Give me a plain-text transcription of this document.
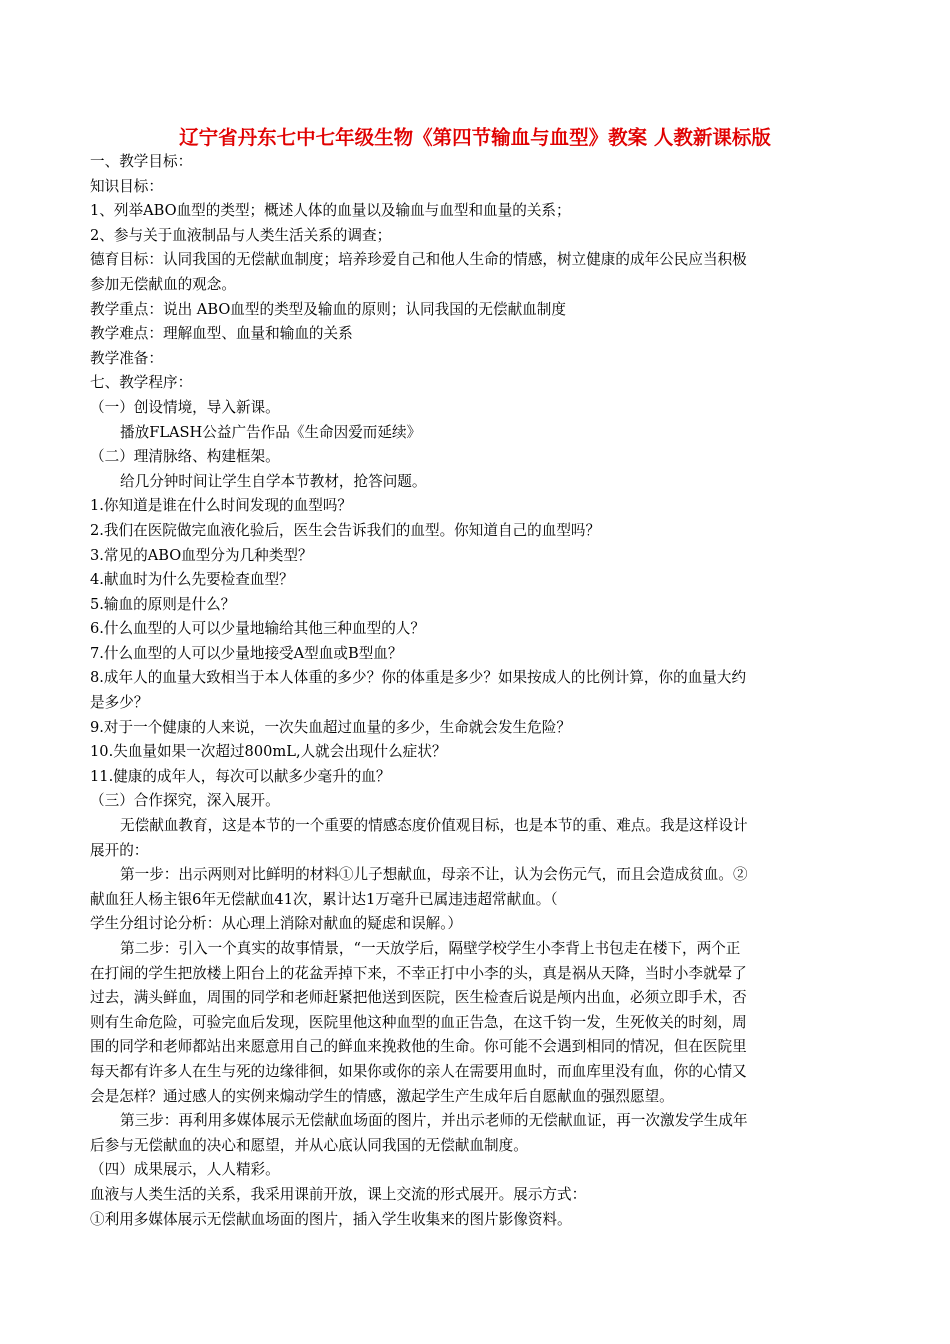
辽宁省丹东七中七年级生物《第四节输血与血型》教案 人教新课标版

一、教学目标：

知识目标：

1、列举ABO血型的类型；概述人体的血量以及输血与血型和血量的关系；

2、参与关于血液制品与人类生活关系的调查；

德育目标：认同我国的无偿献血制度；培养珍爱自己和他人生命的情感，树立健康的成年公民应当积极

参加无偿献血的观念。

教学重点：说出 ABO血型的类型及输血的原则；认同我国的无偿献血制度

教学难点：理解血型、血量和输血的关系

教学准备：

七、教学程序：

（一）创设情境，导入新课。

播放FLASH公益广告作品《生命因爱而延续》

（二）理清脉络、构建框架。

给几分钟时间让学生自学本节教材，抢答问题。

1.你知道是谁在什么时间发现的血型吗？

2.我们在医院做完血液化验后，医生会告诉我们的血型。你知道自己的血型吗？

3.常见的ABO血型分为几种类型？

4.献血时为什么先要检查血型？

5.输血的原则是什么？

6.什么血型的人可以少量地输给其他三种血型的人？

7.什么血型的人可以少量地接受A型血或B型血？

8.成年人的血量大致相当于本人体重的多少？你的体重是多少？如果按成人的比例计算，你的血量大约

是多少？

9.对于一个健康的人来说，一次失血超过血量的多少，生命就会发生危险？

10.失血量如果一次超过800mL,人就会出现什么症状？

11.健康的成年人，每次可以献多少毫升的血？

（三）合作探究，深入展开。

无偿献血教育，这是本节的一个重要的情感态度价值观目标，也是本节的重、难点。我是这样设计

展开的：

第一步：出示两则对比鲜明的材料①儿子想献血，母亲不让，认为会伤元气，而且会造成贫血。②

献血狂人杨主银6年无偿献血41次，累计达1万毫升已属违违超常献血。（

学生分组讨论分析：从心理上消除对献血的疑虑和误解。）

第二步：引入一个真实的故事情景，“一天放学后，隔壁学校学生小李背上书包走在楼下，两个正

在打闹的学生把放楼上阳台上的花盆弄掉下来，不幸正打中小李的头，真是祸从天降，当时小李就晕了

过去，满头鲜血，周围的同学和老师赶紧把他送到医院，医生检查后说是颅内出血，必须立即手术，否

则有生命危险，可验完血后发现，医院里他这种血型的血正告急，在这千钧一发，生死攸关的时刻，周

围的同学和老师都站出来愿意用自己的鲜血来挽救他的生命。你可能不会遇到相同的情况，但在医院里

每天都有许多人在生与死的边缘徘徊，如果你或你的亲人在需要用血时，而血库里没有血，你的心情又

会是怎样？通过感人的实例来煽动学生的情感，激起学生产生成年后自愿献血的强烈愿望。

第三步：再利用多媒体展示无偿献血场面的图片，并出示老师的无偿献血证，再一次激发学生成年

后参与无偿献血的决心和愿望，并从心底认同我国的无偿献血制度。

（四）成果展示，人人精彩。

血液与人类生活的关系，我采用课前开放，课上交流的形式展开。展示方式：

①利用多媒体展示无偿献血场面的图片，插入学生收集来的图片影像资料。
